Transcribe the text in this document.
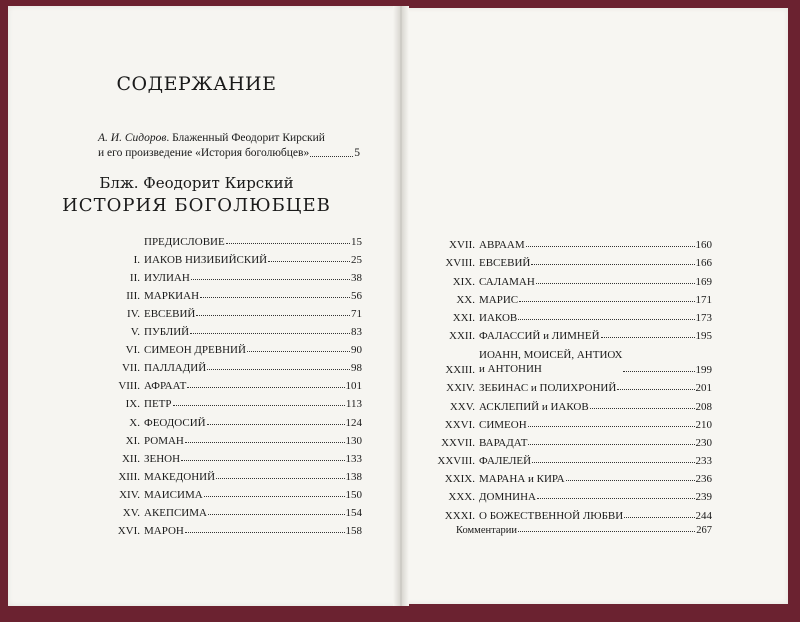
СОДЕРЖАНИЕ
А. И. Сидоров. Блаженный Феодорит Кирский
и его произведение «История боголюбцев»	5
Блж. Феодорит Кирский
ИСТОРИЯ БОГОЛЮБЦЕВ
ПРЕДИСЛОВИЕ	15
I. ИАКОВ НИЗИБИЙСКИЙ	25
II. ИУЛИАН	38
III. МАРКИАН	56
IV. ЕВСЕВИЙ	71
V. ПУБЛИЙ	83
VI. СИМЕОН ДРЕВНИЙ	90
VII. ПАЛЛАДИЙ	98
VIII. АФРААТ	101
IX. ПЕТР	113
X. ФЕОДОСИЙ	124
XI. РОМАН	130
XII. ЗЕНОН	133
XIII. МАКЕДОНИЙ	138
XIV. МАИСИМА	150
XV. АКЕПСИМА	154
XVI. МАРОН	158
XVII. АВРААМ	160
XVIII. ЕВСЕВИЙ	166
XIX. САЛАМАН	169
XX. МАРИС	171
XXI. ИАКОВ	173
XXII. ФАЛАССИЙ и ЛИМНЕЙ	195
XXIII.
ИОАНН, МОИСЕЙ, АНТИОХ
и АНТОНИН	199
XXIV. ЗЕБИНАС и ПОЛИХРОНИЙ	201
XXV. АСКЛЕПИЙ и ИАКОВ	208
XXVI. СИМЕОН	210
XXVII. ВАРАДАТ	230
XXVIII. ФАЛЕЛЕЙ	233
XXIX. МАРАНА и КИРА	236
XXX. ДОМНИНА	239
XXXI. О БОЖЕСТВЕННОЙ ЛЮБВИ	244
Комментарии	267
